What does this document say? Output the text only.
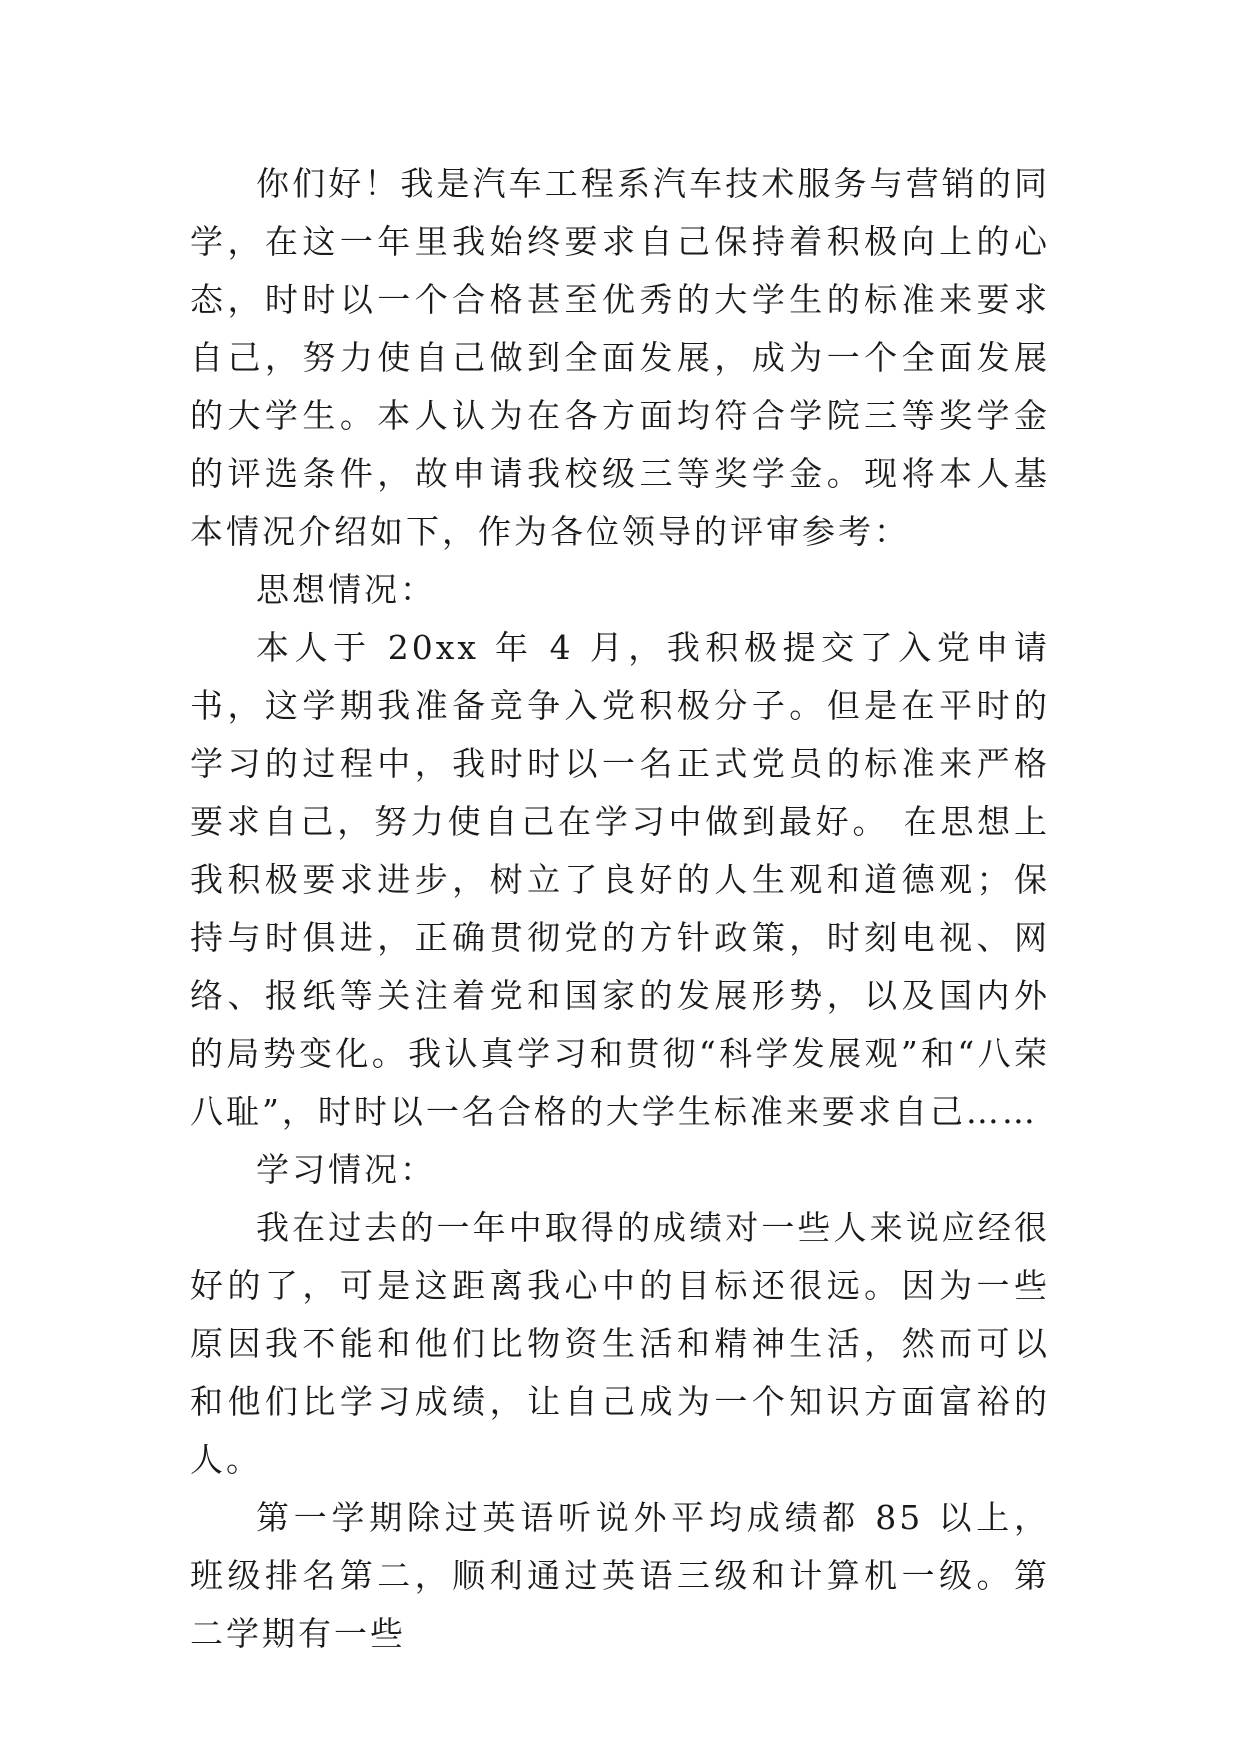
你们好！我是汽车工程系汽车技术服务与营销的同学，在这一年里我始终要求自己保持着积极向上的心态，时时以一个合格甚至优秀的大学生的标准来要求自己，努力使自己做到全面发展，成为一个全面发展的大学生。本人认为在各方面均符合学院三等奖学金的评选条件，故申请我校级三等奖学金。现将本人基本情况介绍如下，作为各位领导的评审参考：

思想情况：

本人于 20xx 年 4 月，我积极提交了入党申请书，这学期我准备竞争入党积极分子。但是在平时的学习的过程中，我时时以一名正式党员的标准来严格要求自己，努力使自己在学习中做到最好。 在思想上我积极要求进步，树立了良好的人生观和道德观；保持与时俱进，正确贯彻党的方针政策，时刻电视、网络、报纸等关注着党和国家的发展形势，以及国内外的局势变化。我认真学习和贯彻“科学发展观”和“八荣八耻”，时时以一名合格的大学生标准来要求自己……

学习情况：

我在过去的一年中取得的成绩对一些人来说应经很好的了，可是这距离我心中的目标还很远。因为一些原因我不能和他们比物资生活和精神生活，然而可以和他们比学习成绩，让自己成为一个知识方面富裕的人。

第一学期除过英语听说外平均成绩都 85 以上，班级排名第二，顺利通过英语三级和计算机一级。第二学期有一些
